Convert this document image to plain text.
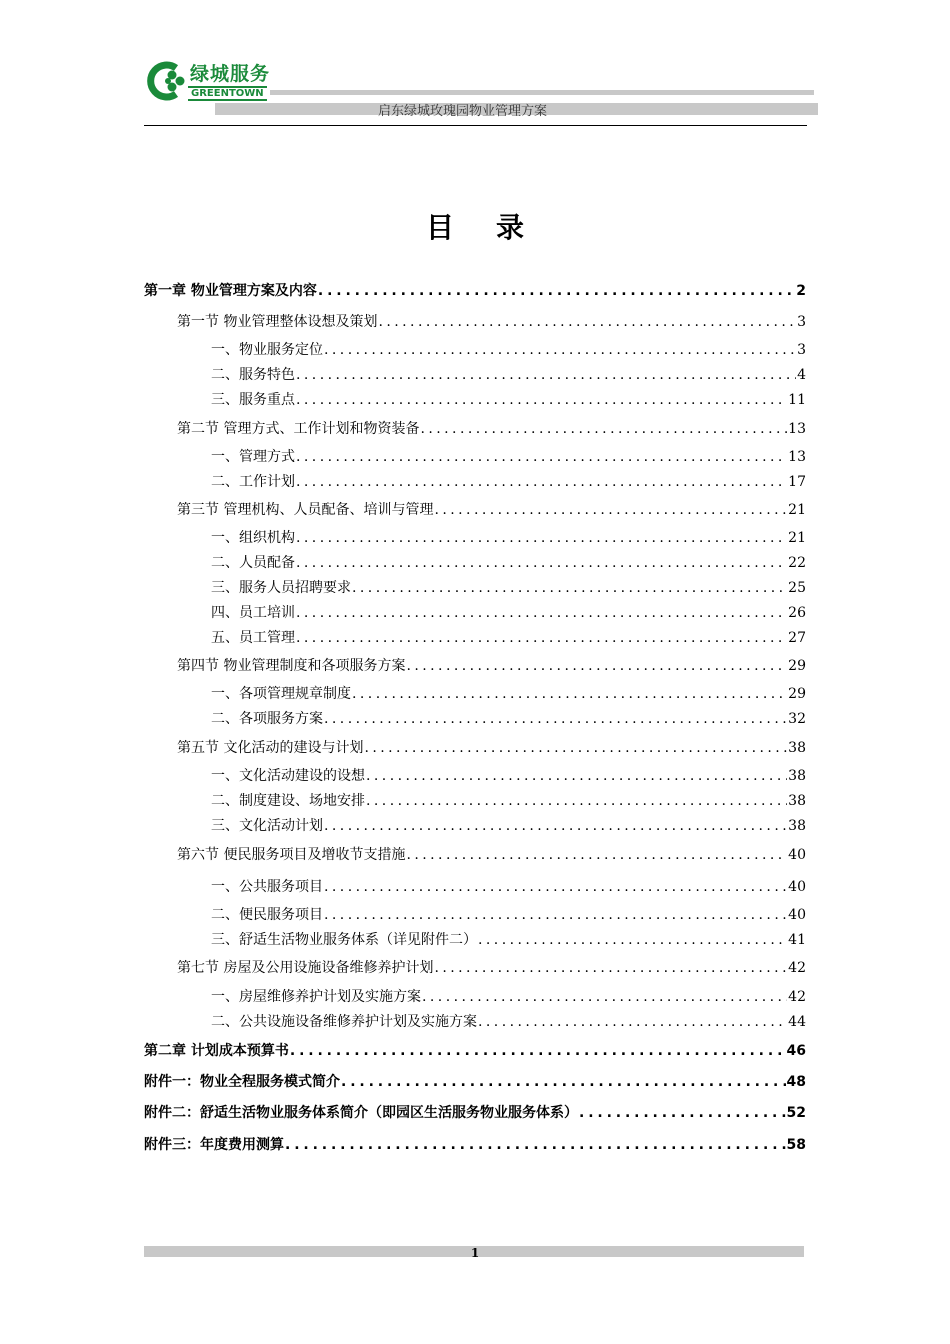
绿城服务
GREENTOWN
启东绿城玫瑰园物业管理方案
目录
第一章 物业管理方案及内容 . . .	2
第一节 物业管理整体设想及策划 . . .	3
一、物业服务定位 . . .	3
二、服务特色 . . .	4
三、服务重点 . . .	11
第二节 管理方式、工作计划和物资装备 . . .	13
一、管理方式 . . .	13
二、工作计划 . . .	17
第三节 管理机构、人员配备、培训与管理 . . .	21
一、组织机构 . . .	21
二、人员配备 . . .	22
三、服务人员招聘要求 . . .	25
四、员工培训 . . .	26
五、员工管理 . . .	27
第四节 物业管理制度和各项服务方案 . . .	29
一、各项管理规章制度 . . .	29
二、各项服务方案 . . .	32
第五节 文化活动的建设与计划 . . .	38
一、文化活动建设的设想 . . .	38
二、制度建设、场地安排 . . .	38
三、文化活动计划 . . .	38
第六节 便民服务项目及增收节支措施 . . .	40
一、公共服务项目 . . .	40
二、便民服务项目 . . .	40
三、舒适生活物业服务体系（详见附件二） . . .	41
第七节 房屋及公用设施设备维修养护计划 . . .	42
一、房屋维修养护计划及实施方案 . . .	42
二、公共设施设备维修养护计划及实施方案 . . .	44
第二章 计划成本预算书 . . .	46
附件一：物业全程服务模式简介 . . .	48
附件二：舒适生活物业服务体系简介（即园区生活服务物业服务体系） . . .	52
附件三：年度费用测算 . . .	58
1
